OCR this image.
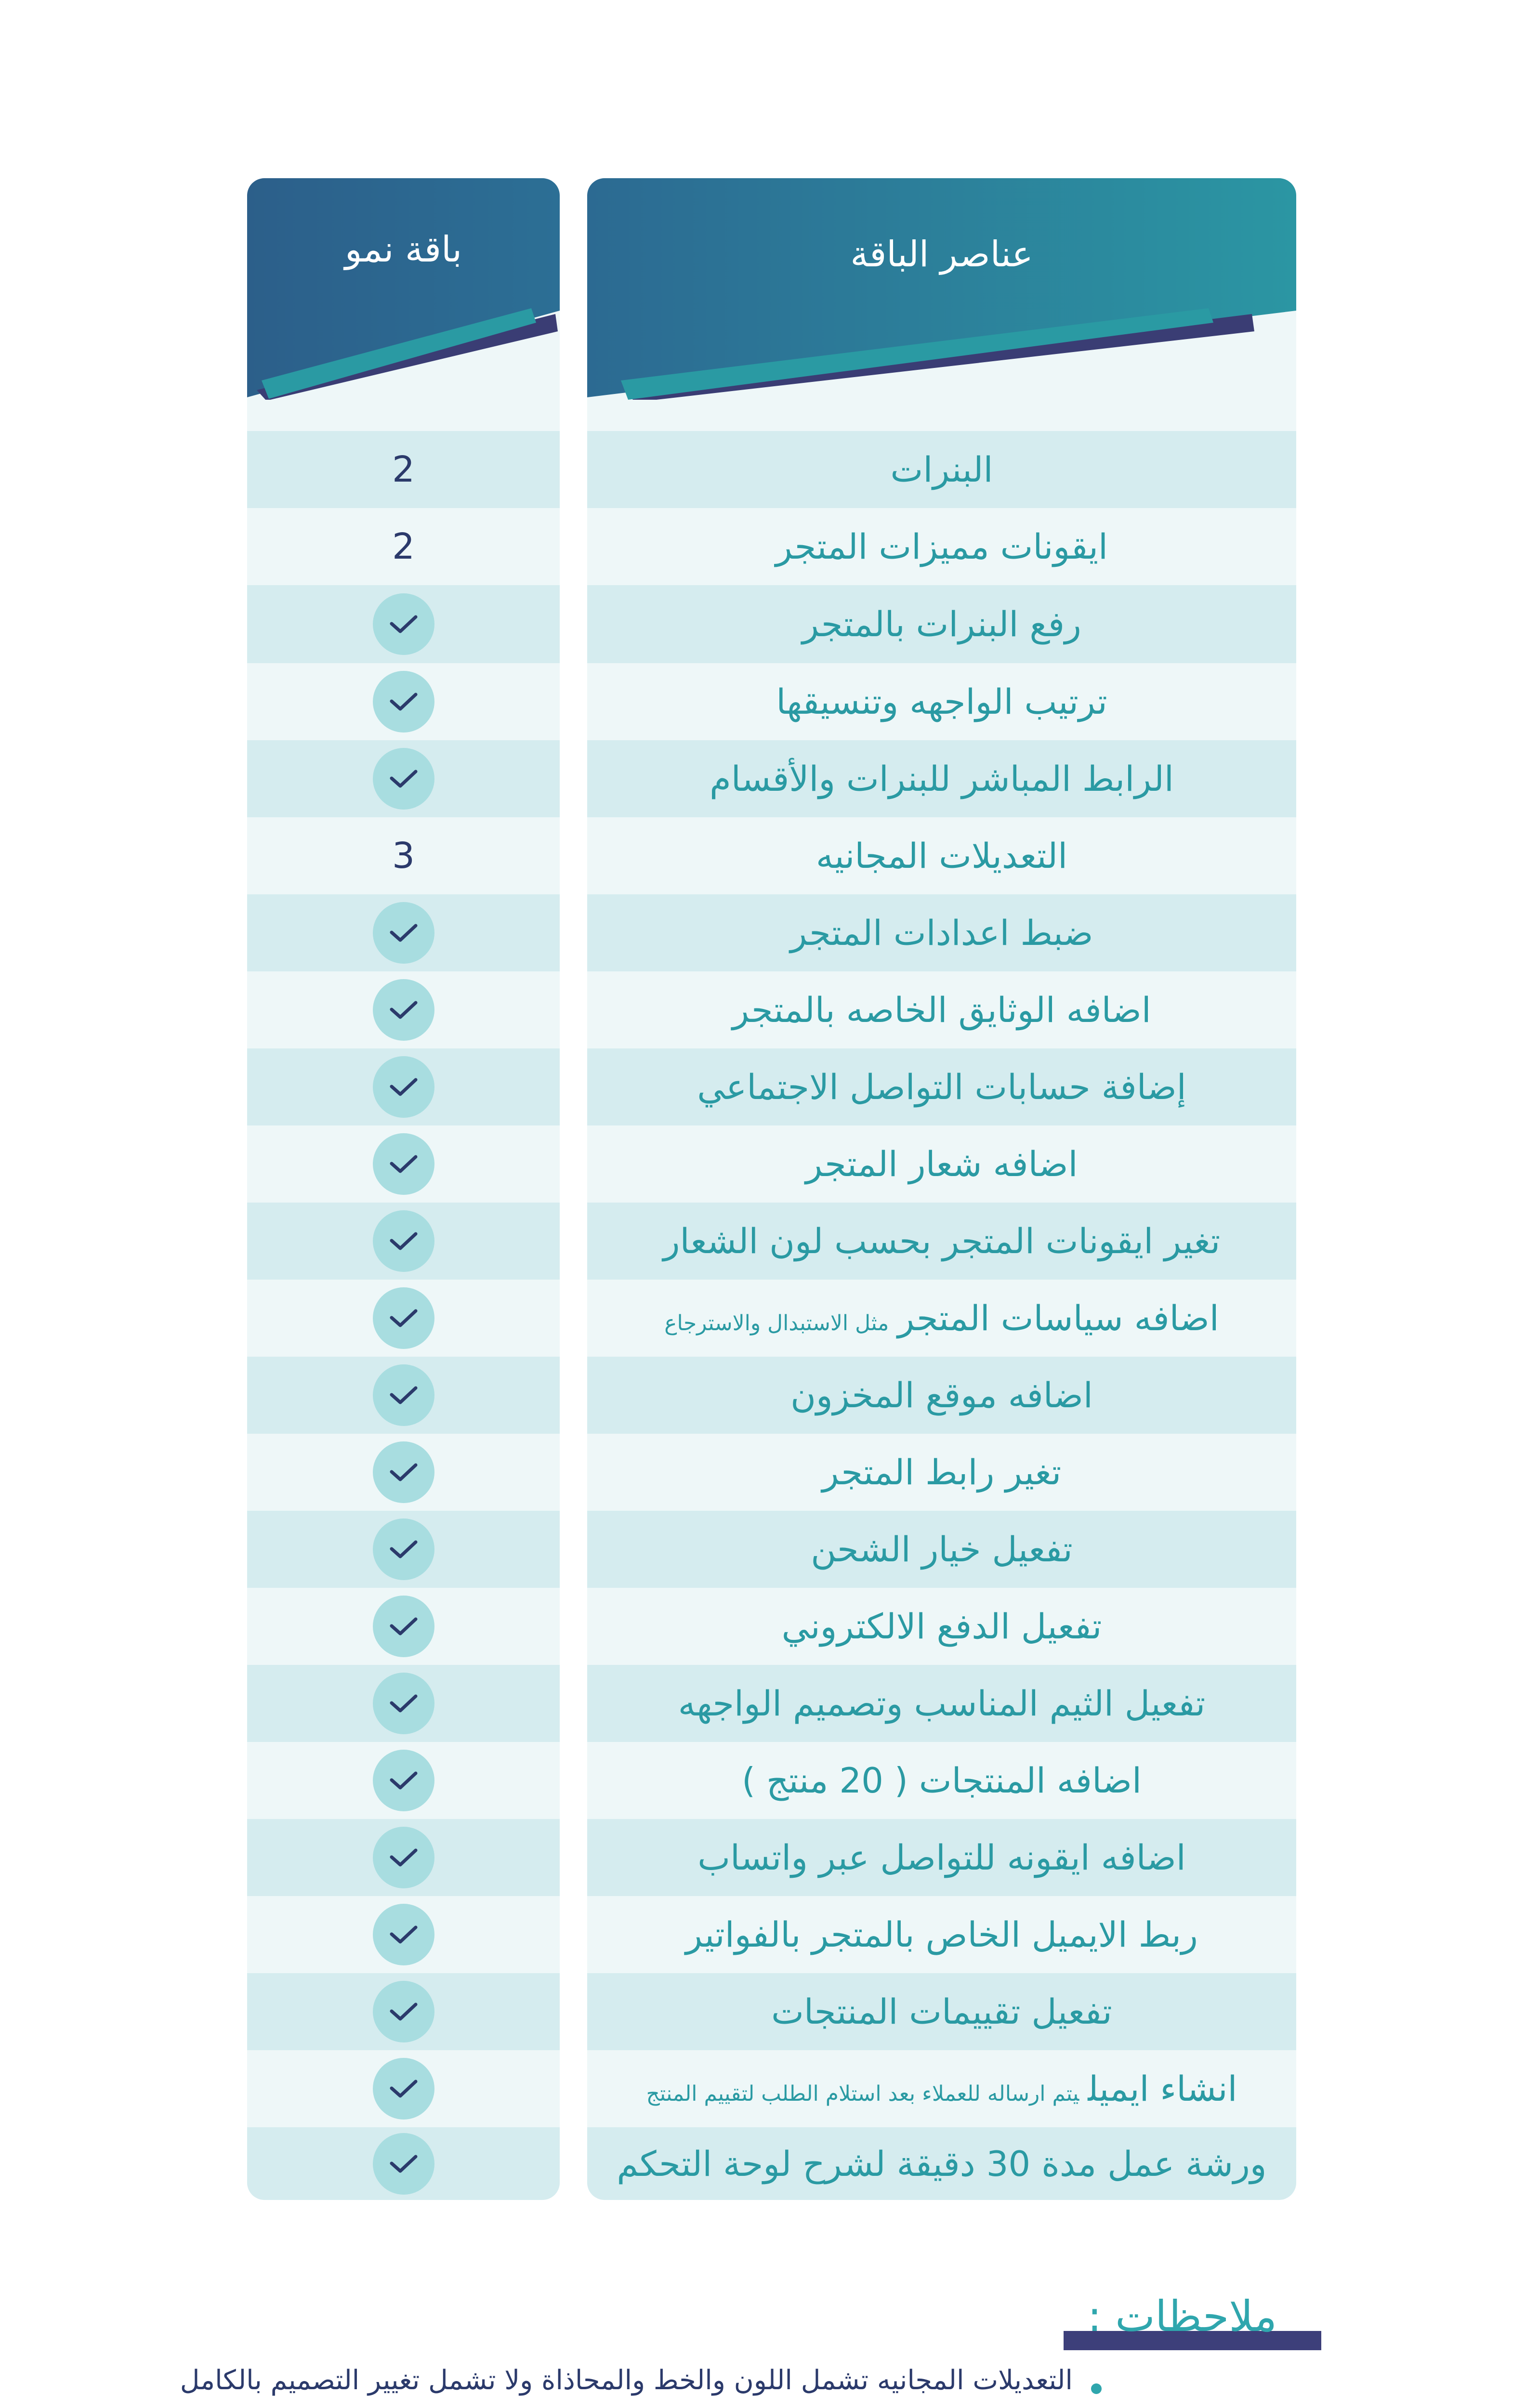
عناصر الباقة
البنرات
ايقونات مميزات المتجر
رفع البنرات بالمتجر
ترتيب الواجهه وتنسيقها
الرابط المباشر للبنرات والأقسام
التعديلات المجانيه
ضبط اعدادات المتجر
اضافه الوثايق الخاصه بالمتجر
إضافة حسابات التواصل الاجتماعي
اضافه شعار المتجر
تغير ايقونات المتجر بحسب لون الشعار
اضافه سياسات المتجرمثل الاستبدال والاسترجاع
اضافه موقع المخزون
تغير رابط المتجر
تفعيل خيار الشحن
تفعيل الدفع الالكتروني
تفعيل الثيم المناسب وتصميم الواجهه
اضافه المنتجات ( 20 منتج )
اضافه ايقونه للتواصل عبر واتساب
ربط الايميل الخاص بالمتجر بالفواتير
تفعيل تقييمات المنتجات
انشاء ايميليتم ارساله للعملاء بعد استلام الطلب لتقييم المنتج
ورشة عمل مدة 30 دقيقة لشرح لوحة التحكم
باقة نمو
2
2
3
ملاحظات :
التعديلات المجانيه تشمل اللون والخط والمحاذاة ولا تشمل تغيير التصميم بالكامل
